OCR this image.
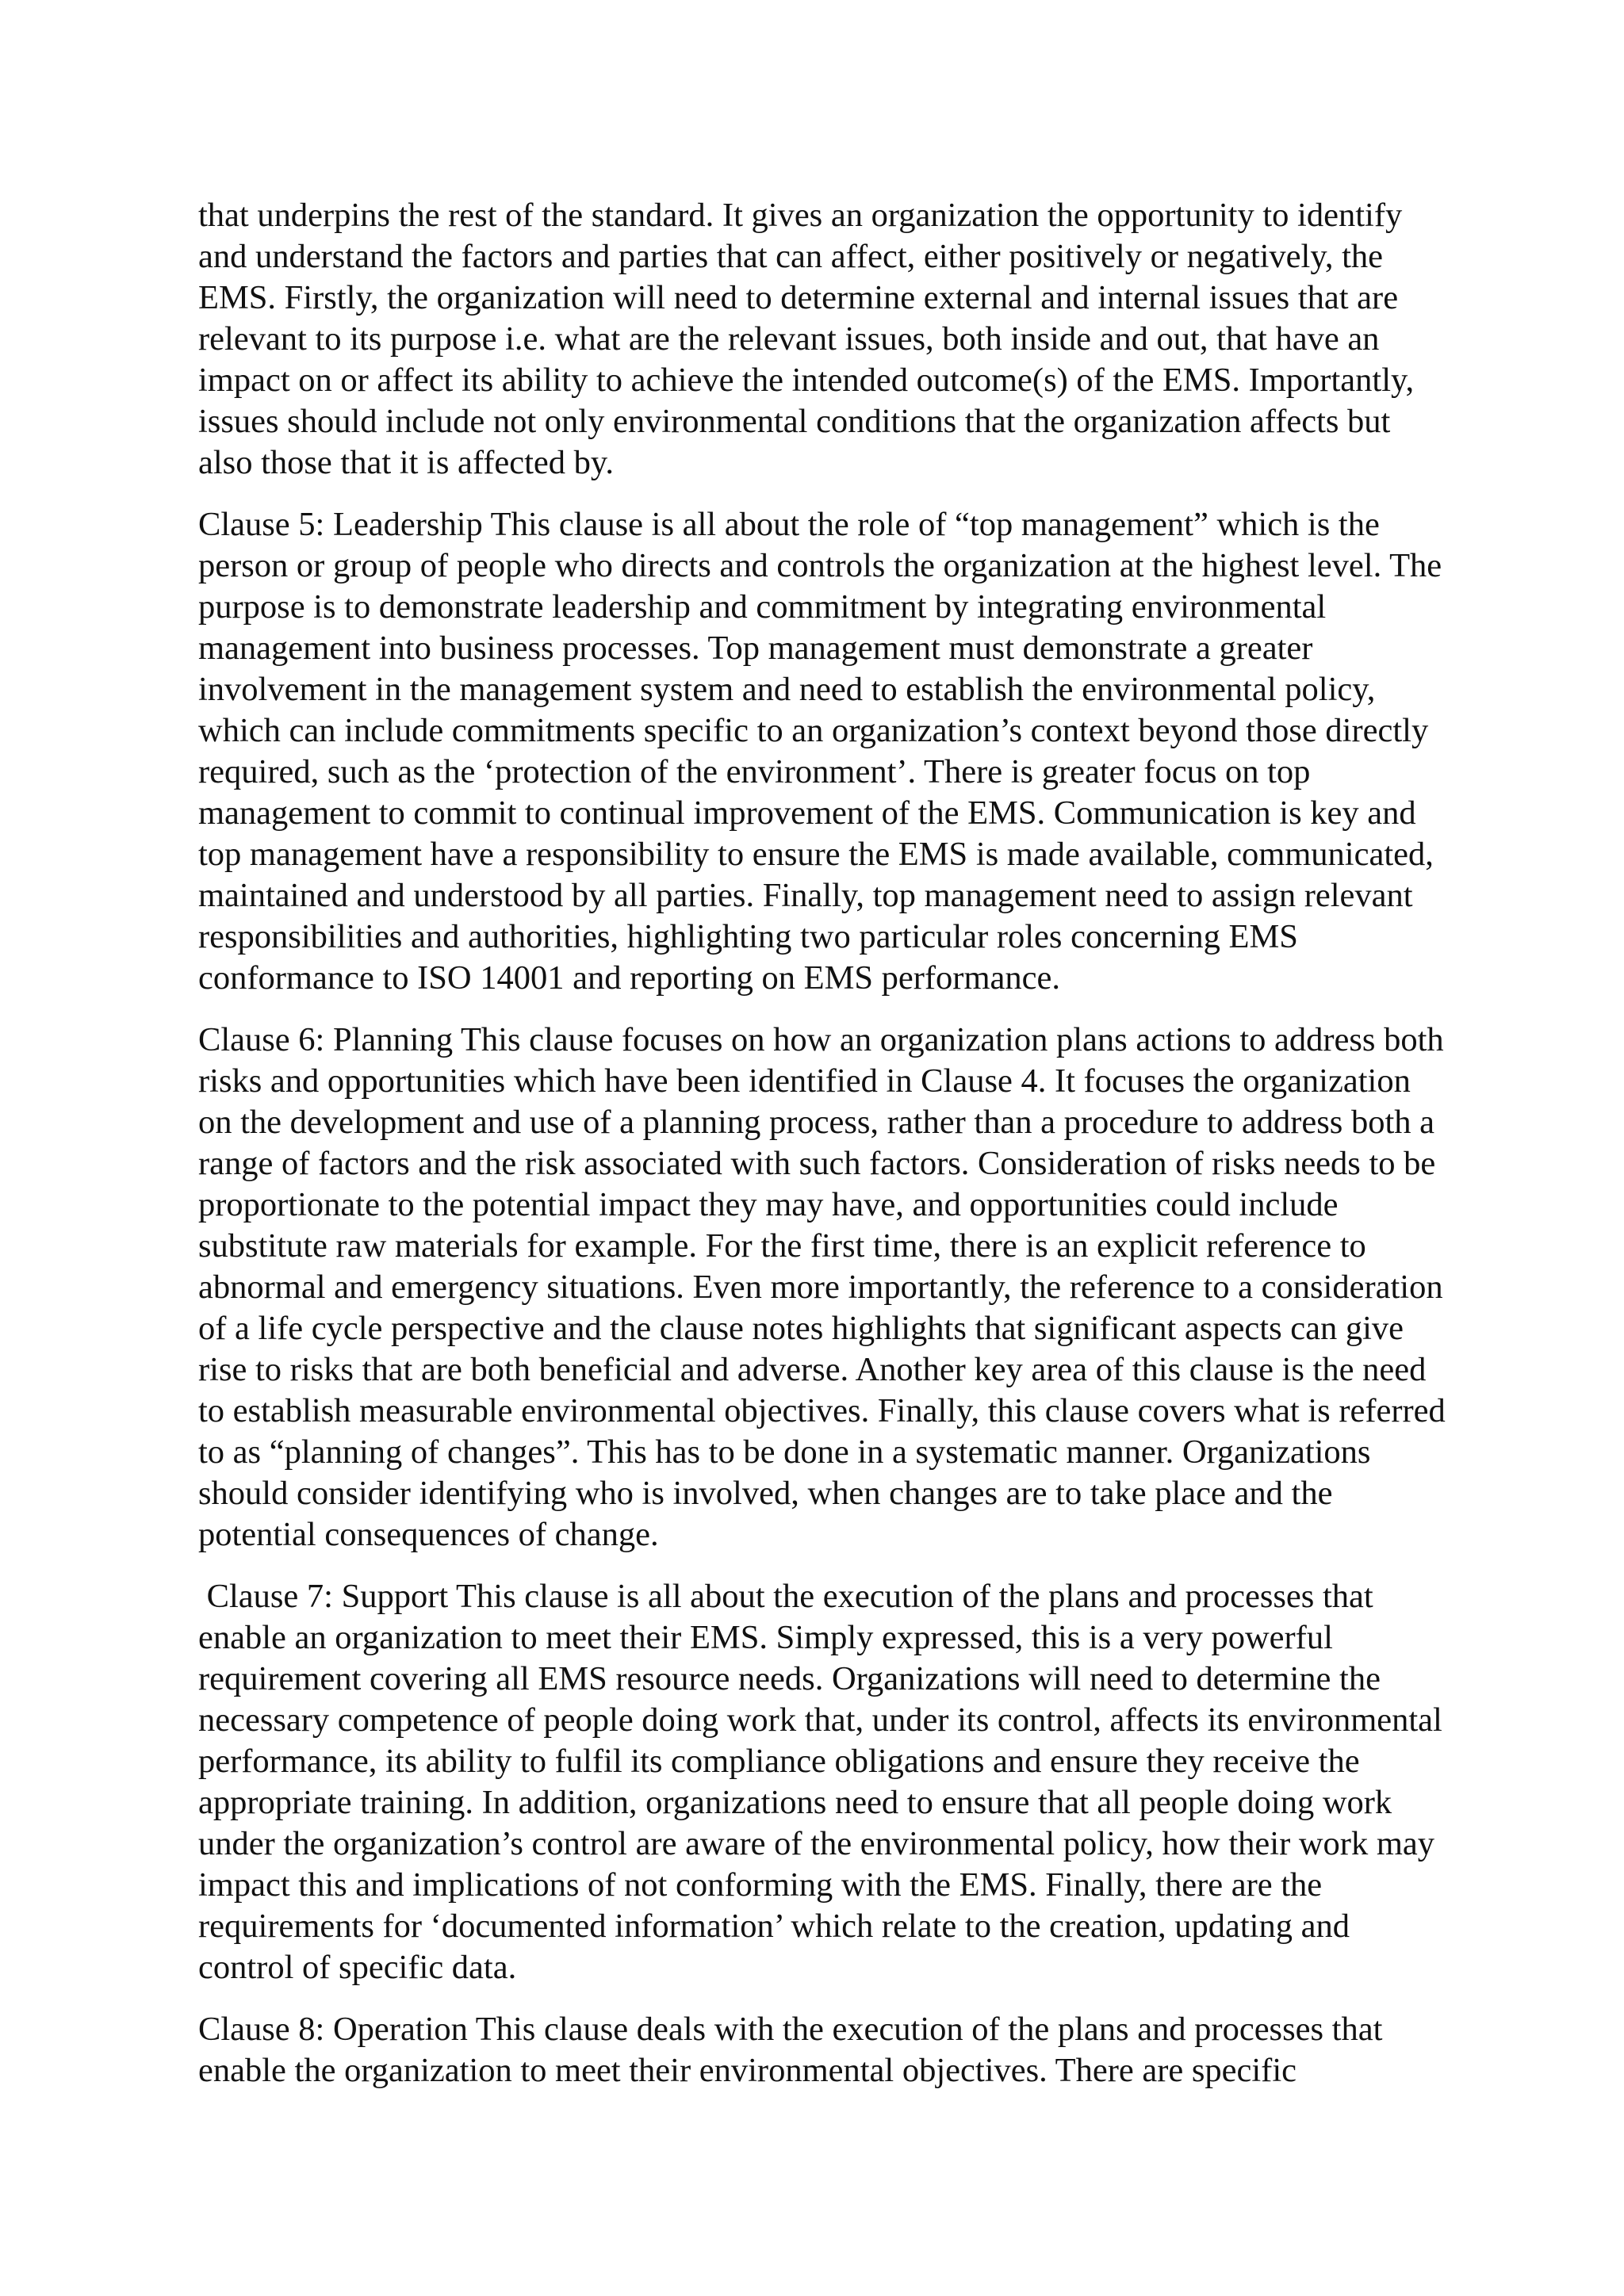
that underpins the rest of the standard. It gives an organization the opportunity to identify and understand the factors and parties that can affect, either positively or negatively, the EMS. Firstly, the organization will need to determine external and internal issues that are relevant to its purpose i.e. what are the relevant issues, both inside and out, that have an impact on or affect its ability to achieve the intended outcome(s) of the EMS. Importantly, issues should include not only environmental conditions that the organization affects but also those that it is affected by.

Clause 5: Leadership This clause is all about the role of “top management” which is the person or group of people who directs and controls the organization at the highest level. The purpose is to demonstrate leadership and commitment by integrating environmental management into business processes. Top management must demonstrate a greater involvement in the management system and need to establish the environmental policy, which can include commitments specific to an organization’s context beyond those directly required, such as the ‘protection of the environment’. There is greater focus on top management to commit to continual improvement of the EMS. Communication is key and top management have a responsibility to ensure the EMS is made available, communicated, maintained and understood by all parties. Finally, top management need to assign relevant responsibilities and authorities, highlighting two particular roles concerning EMS conformance to ISO 14001 and reporting on EMS performance.

Clause 6: Planning This clause focuses on how an organization plans actions to address both risks and opportunities which have been identified in Clause 4. It focuses the organization on the development and use of a planning process, rather than a procedure to address both a range of factors and the risk associated with such factors. Consideration of risks needs to be proportionate to the potential impact they may have, and opportunities could include substitute raw materials for example. For the first time, there is an explicit reference to abnormal and emergency situations. Even more importantly, the reference to a consideration of a life cycle perspective and the clause notes highlights that significant aspects can give rise to risks that are both beneficial and adverse. Another key area of this clause is the need to establish measurable environmental objectives. Finally, this clause covers what is referred to as “planning of changes”. This has to be done in a systematic manner. Organizations should consider identifying who is involved, when changes are to take place and the potential consequences of change.

Clause 7: Support This clause is all about the execution of the plans and processes that enable an organization to meet their EMS. Simply expressed, this is a very powerful requirement covering all EMS resource needs. Organizations will need to determine the necessary competence of people doing work that, under its control, affects its environmental performance, its ability to fulfil its compliance obligations and ensure they receive the appropriate training. In addition, organizations need to ensure that all people doing work under the organization’s control are aware of the environmental policy, how their work may impact this and implications of not conforming with the EMS. Finally, there are the requirements for ‘documented information’ which relate to the creation, updating and control of specific data.

Clause 8: Operation This clause deals with the execution of the plans and processes that enable the organization to meet their environmental objectives. There are specific
